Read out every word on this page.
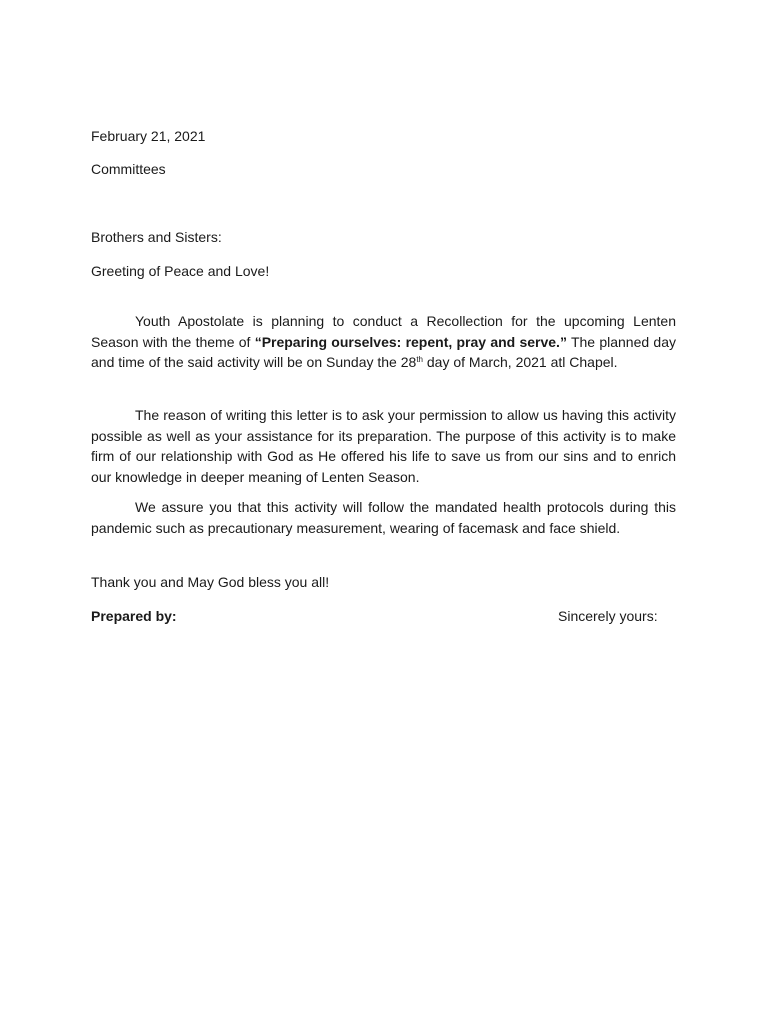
February 21, 2021
Committees
Brothers and Sisters:
Greeting of Peace and Love!

Youth Apostolate is planning to conduct a Recollection for the upcoming Lenten Season with the theme of “Preparing ourselves: repent, pray and serve.” The planned day and time of the said activity will be on Sunday the 28th day of March, 2021 atl Chapel.

The reason of writing this letter is to ask your permission to allow us having this activity possible as well as your assistance for its preparation. The purpose of this activity is to make firm of our relationship with God as He offered his life to save us from our sins and to enrich our knowledge in deeper meaning of Lenten Season.

We assure you that this activity will follow the mandated health protocols during this pandemic such as precautionary measurement, wearing of facemask and face shield.

Thank you and May God bless you all!
Prepared by:	Sincerely yours:
